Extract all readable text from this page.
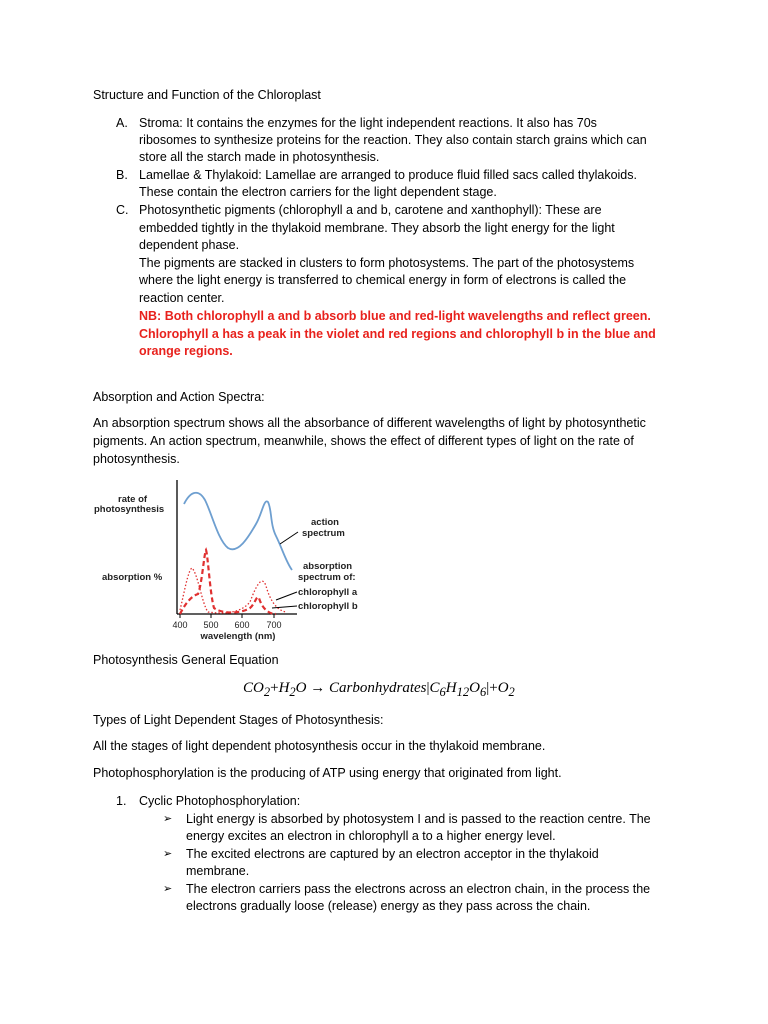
Structure and Function of the Chloroplast
A. Stroma: It contains the enzymes for the light independent reactions. It also has 70s
ribosomes to synthesize proteins for the reaction. They also contain starch grains which can
store all the starch made in photosynthesis.
B. Lamellae & Thylakoid: Lamellae are arranged to produce fluid filled sacs called thylakoids.
These contain the electron carriers for the light dependent stage.
C. Photosynthetic pigments (chlorophyll a and b, carotene and xanthophyll): These are
embedded tightly in the thylakoid membrane. They absorb the light energy for the light
dependent phase.
The pigments are stacked in clusters to form photosystems. The part of the photosystems
where the light energy is transferred to chemical energy in form of electrons is called the
reaction center.
NB: Both chlorophyll a and b absorb blue and red-light wavelengths and reflect green.
Chlorophyll a has a peak in the violet and red regions and chlorophyll b in the blue and
orange regions.
Absorption and Action Spectra:
An absorption spectrum shows all the absorbance of different wavelengths of light by photosynthetic
pigments. An action spectrum, meanwhile, shows the effect of different types of light on the rate of
photosynthesis.
rate of
photosynthesis
absorption %
action
spectrum
absorption
spectrum of:
chlorophyll a
chlorophyll b
400 500 600 700
wavelength (nm)
Photosynthesis General Equation
$CO_2+H_2O$ → $Carbonhydrates|C_6H_{12}O_6|+O_2$
Types of Light Dependent Stages of Photosynthesis:
All the stages of light dependent photosynthesis occur in the thylakoid membrane.
Photophosphorylation is the producing of ATP using energy that originated from light.
1. Cyclic Photophosphorylation:
➢ Light energy is absorbed by photosystem I and is passed to the reaction centre. The
energy excites an electron in chlorophyll a to a higher energy level.
➢ The excited electrons are captured by an electron acceptor in the thylakoid
membrane.
➢ The electron carriers pass the electrons across an electron chain, in the process the
electrons gradually loose (release) energy as they pass across the chain.
